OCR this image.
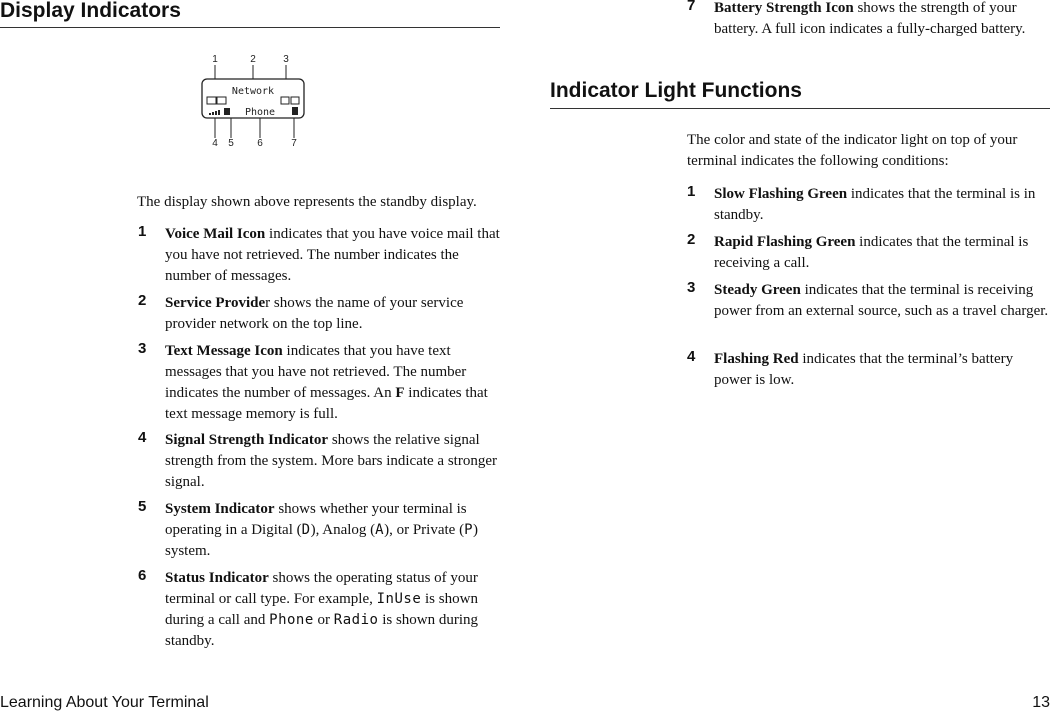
Display Indicators
1	2	3
Network
Phone
4 5 6	7

The display shown above represents the standby display.

1 Voice Mail Icon indicates that you have voice mail that you have not retrieved. The number indicates the number of messages.
2 Service Provider shows the name of your service provider network on the top line.
3 Text Message Icon indicates that you have text messages that you have not retrieved. The number indicates the number of messages. An F indicates that text message memory is full.
4 Signal Strength Indicator shows the relative signal strength from the system. More bars indicate a stronger signal.
5 System Indicator shows whether your terminal is operating in a Digital (D), Analog (A), or Private (P) system.
6 Status Indicator shows the operating status of your terminal or call type. For example, InUse is shown during a call and Phone or Radio is shown during standby.
7 Battery Strength Icon shows the strength of your battery. A full icon indicates a fully-charged battery.
Indicator Light Functions

The color and state of the indicator light on top of your terminal indicates the following conditions:

1 Slow Flashing Green indicates that the terminal is in standby.
2 Rapid Flashing Green indicates that the terminal is receiving a call.
3 Steady Green indicates that the terminal is receiving power from an external source, such as a travel charger.
4 Flashing Red indicates that the terminal’s battery power is low.
Learning About Your Terminal	13
